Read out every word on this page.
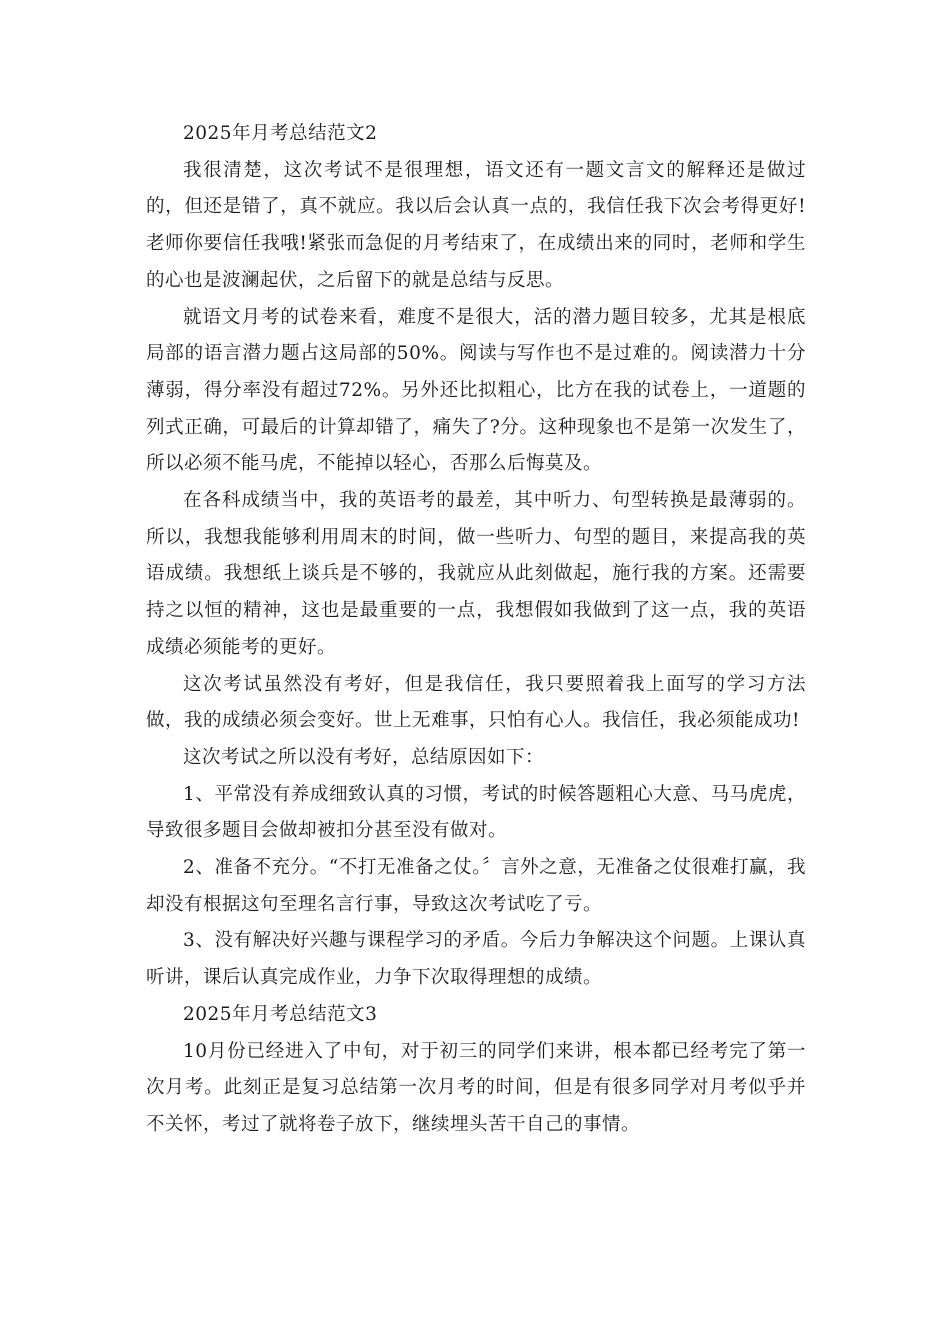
2025年月考总结范文2

我很清楚，这次考试不是很理想，语文还有一题文言文的解释还是做过的，但还是错了，真不就应。我以后会认真一点的，我信任我下次会考得更好!老师你要信任我哦!紧张而急促的月考结束了，在成绩出来的同时，老师和学生的心也是波澜起伏，之后留下的就是总结与反思。

就语文月考的试卷来看，难度不是很大，活的潜力题目较多，尤其是根底局部的语言潜力题占这局部的50%。阅读与写作也不是过难的。阅读潜力十分薄弱，得分率没有超过72%。另外还比拟粗心，比方在我的试卷上，一道题的列式正确，可最后的计算却错了，痛失了?分。这种现象也不是第一次发生了，所以必须不能马虎，不能掉以轻心，否那么后悔莫及。

在各科成绩当中，我的英语考的最差，其中听力、句型转换是最薄弱的。所以，我想我能够利用周末的时间，做一些听力、句型的题目，来提高我的英语成绩。我想纸上谈兵是不够的，我就应从此刻做起，施行我的方案。还需要持之以恒的精神，这也是最重要的一点，我想假如我做到了这一点，我的英语成绩必须能考的更好。

这次考试虽然没有考好，但是我信任，我只要照着我上面写的学习方法做，我的成绩必须会变好。世上无难事，只怕有心人。我信任，我必须能成功!

这次考试之所以没有考好，总结原因如下：

1、平常没有养成细致认真的习惯，考试的时候答题粗心大意、马马虎虎，导致很多题目会做却被扣分甚至没有做对。

2、准备不充分。“不打无准备之仗。〞言外之意，无准备之仗很难打赢，我却没有根据这句至理名言行事，导致这次考试吃了亏。

3、没有解决好兴趣与课程学习的矛盾。今后力争解决这个问题。上课认真听讲，课后认真完成作业，力争下次取得理想的成绩。

2025年月考总结范文3

10月份已经进入了中旬，对于初三的同学们来讲，根本都已经考完了第一次月考。此刻正是复习总结第一次月考的时间，但是有很多同学对月考似乎并不关怀，考过了就将卷子放下，继续埋头苦干自己的事情。
